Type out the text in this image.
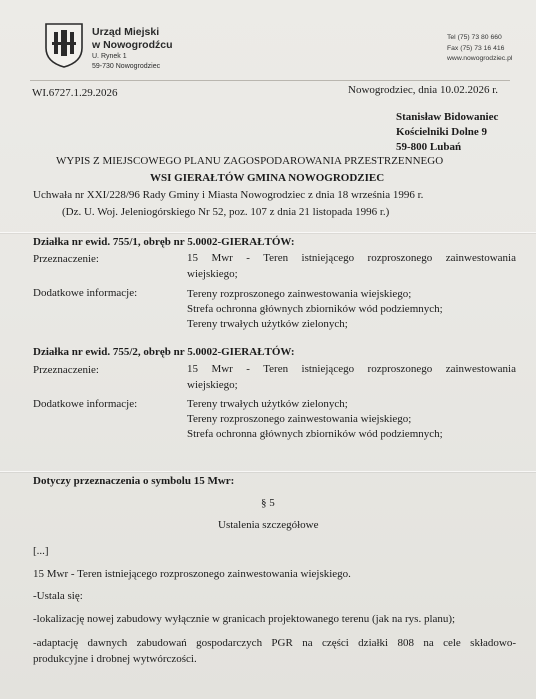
Urząd Miejski
w Nowogrodźcu
U. Rynek 1
59-730 Nowogrodziec
Tel (75) 73 80 660
Fax (75) 73 16 416
www.nowogrodziec.pl
WI.6727.1.29.2026	Nowogrodziec, dnia 10.02.2026 r.
Stanisław Bidowaniec
Kościelniki Dolne 9
59-800 Lubań
WYPIS Z MIEJSCOWEGO PLANU ZAGOSPODAROWANIA PRZESTRZENNEGO
WSI GIERAŁTÓW GMINA NOWOGRODZIEC
Uchwała nr XXI/228/96 Rady Gminy i Miasta Nowogrodziec z dnia 18 września 1996 r.
(Dz. U. Woj. Jeleniogórskiego Nr 52, poz. 107 z dnia 21 listopada 1996 r.)
Działka nr ewid. 755/1, obręb nr 5.0002-GIERAŁTÓW:
Przeznaczenie:	15 Mwr - Teren istniejącego rozproszonego zainwestowania
wiejskiego;
Dodatkowe informacje:	Tereny rozproszonego zainwestowania wiejskiego;
Strefa ochronna głównych zbiorników wód podziemnych;
Tereny trwałych użytków zielonych;
Działka nr ewid. 755/2, obręb nr 5.0002-GIERAŁTÓW:
Przeznaczenie:	15 Mwr - Teren istniejącego rozproszonego zainwestowania
wiejskiego;
Dodatkowe informacje:	Tereny trwałych użytków zielonych;
Tereny rozproszonego zainwestowania wiejskiego;
Strefa ochronna głównych zbiorników wód podziemnych;
Dotyczy przeznaczenia o symbolu 15 Mwr:
§ 5
Ustalenia szczegółowe
[...]
15 Mwr - Teren istniejącego rozproszonego zainwestowania wiejskiego.
-Ustala się:
-lokalizację nowej zabudowy wyłącznie w granicach projektowanego terenu (jak na rys. planu);
-adaptację dawnych zabudowań gospodarczych PGR na części działki 808 na cele składowo-
produkcyjne i drobnej wytwórczości.
